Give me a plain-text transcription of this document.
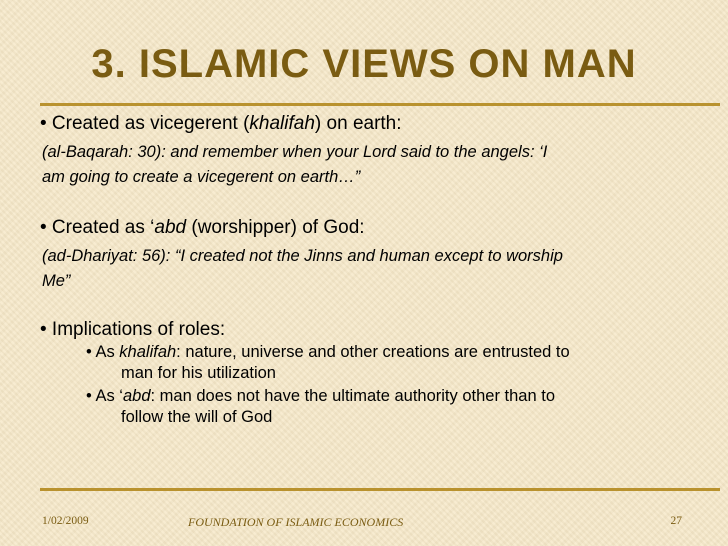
3. ISLAMIC VIEWS ON MAN

• Created as vicegerent (khalifah) on earth:

(al-Baqarah: 30): and remember when your Lord said to the angels: ‘I
am going to create a vicegerent on earth…”

• Created as ‘abd (worshipper) of God:

(ad-Dhariyat: 56): “I created not the Jinns and human except to worship
Me”

• Implications of roles:

• As khalifah: nature, universe and other creations are entrusted to
man for his utilization
• As ‘abd: man does not have the ultimate authority other than to
follow the will of God
1/02/2009	FOUNDATION OF ISLAMIC ECONOMICS	27
